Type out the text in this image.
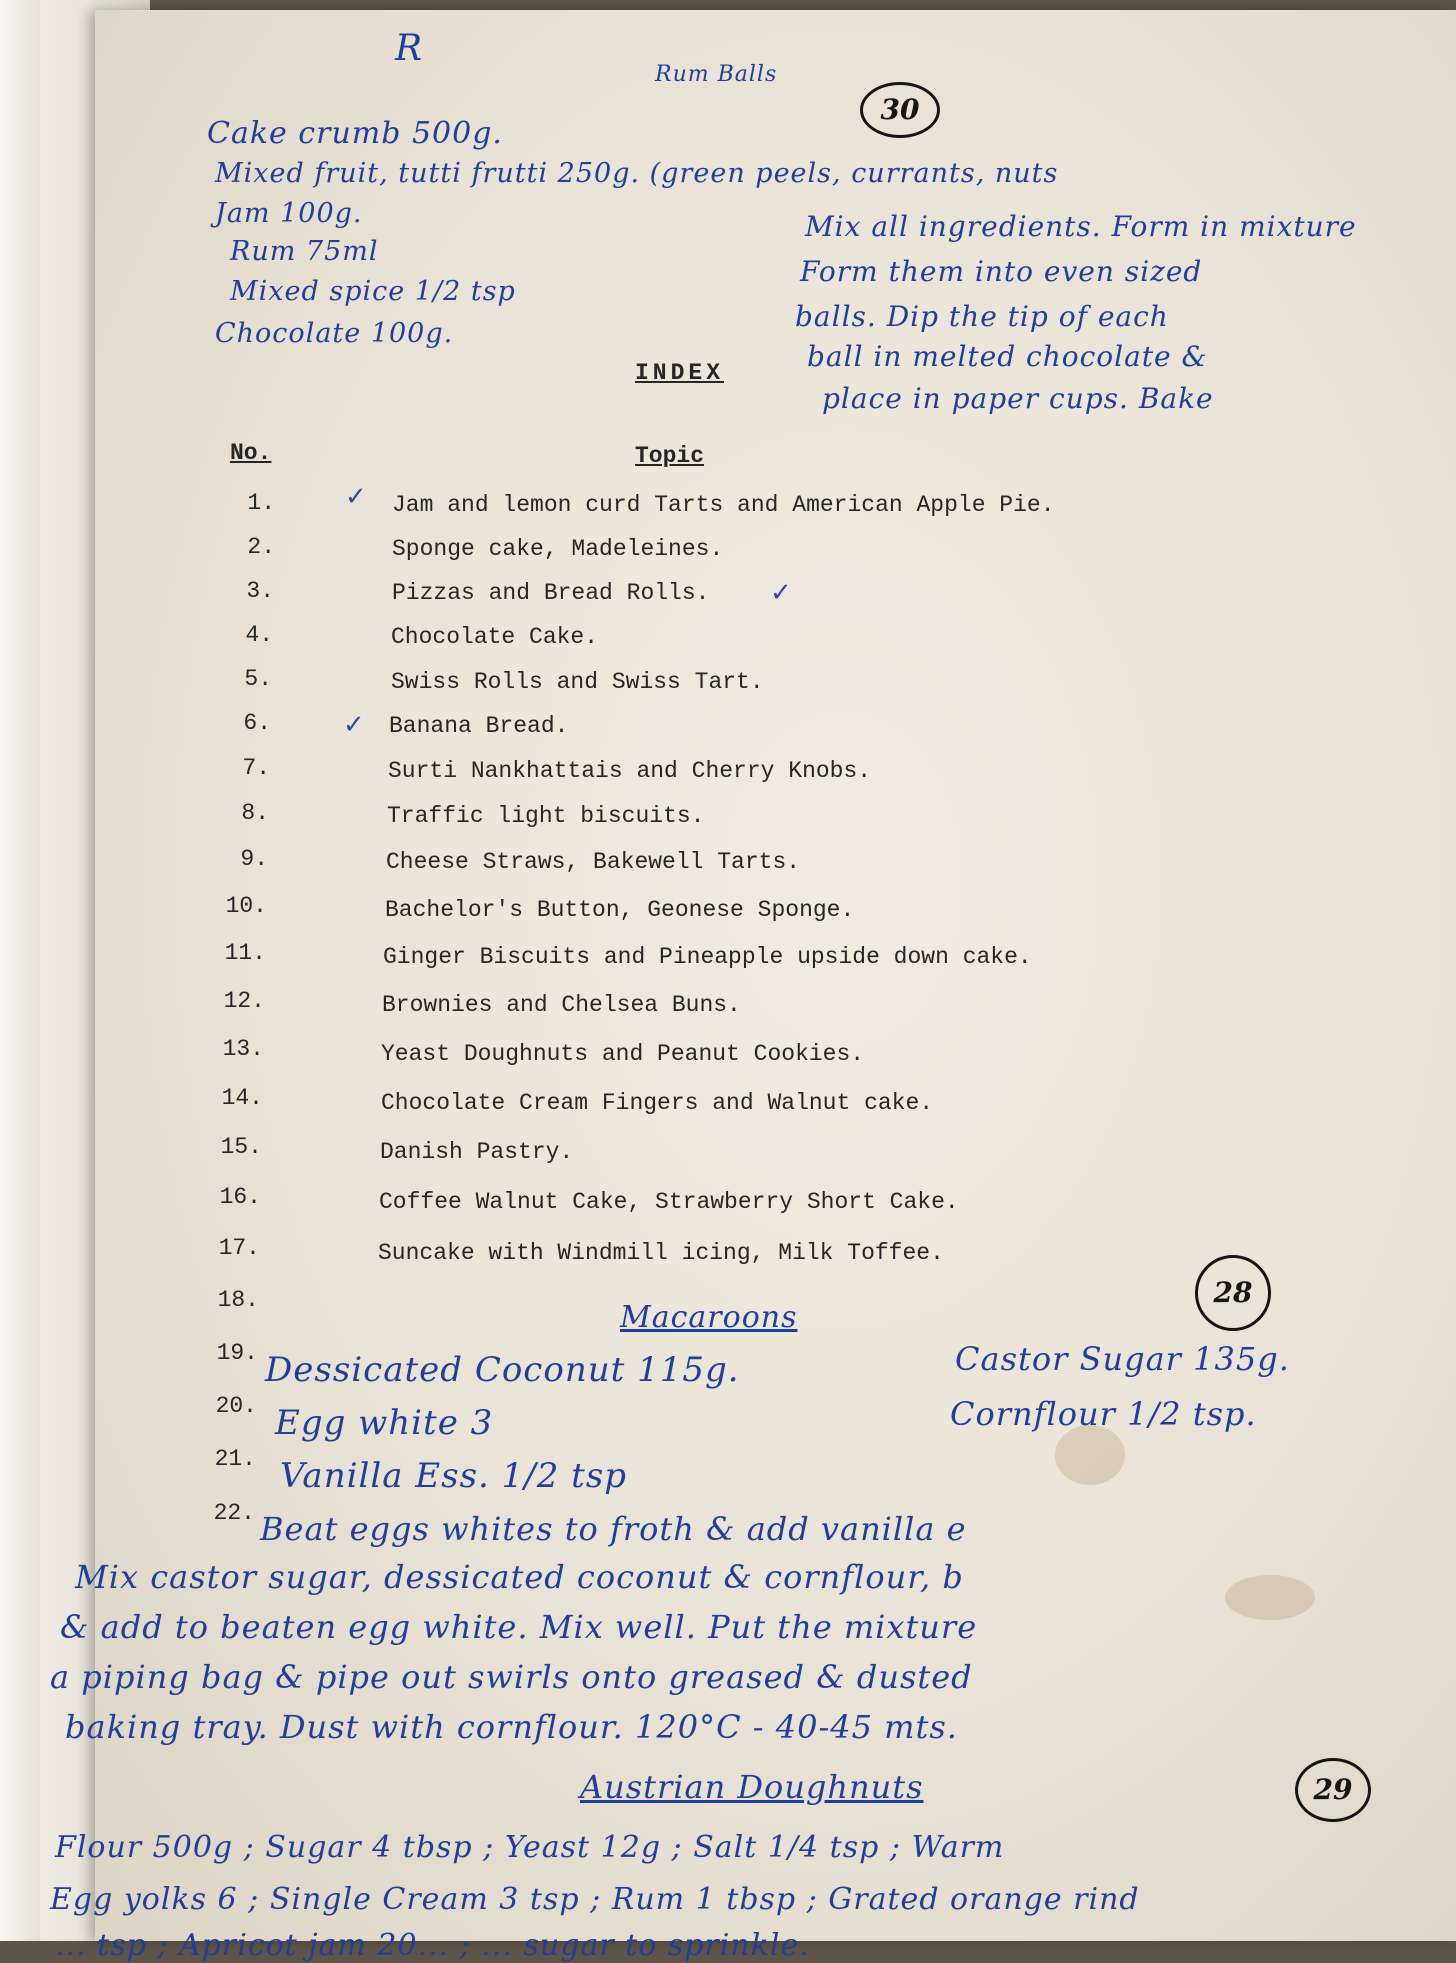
R
Rum Balls
30
Cake crumb 500g.
Mixed fruit, tutti frutti 250g. (green peels, currants, nuts
Jam 100g.
Rum 75ml
Mixed spice 1/2 tsp
Chocolate 100g.
Mix all ingredients. Form in mixture
Form them into even sized
balls. Dip the tip of each
ball in melted chocolate &
place in paper cups. Bake
INDEX
No.	Topic
1.	Jam and lemon curd Tarts and American Apple Pie.
2.	Sponge cake, Madeleines.
3.	Pizzas and Bread Rolls.
4.	Chocolate Cake.
5.	Swiss Rolls and Swiss Tart.
6.	Banana Bread.
7.	Surti Nankhattais and Cherry Knobs.
8.	Traffic light biscuits.
9.	Cheese Straws, Bakewell Tarts.
10.	Bachelor's Button, Geonese Sponge.
11.	Ginger Biscuits and Pineapple upside down cake.
12.	Brownies and Chelsea Buns.
13.	Yeast Doughnuts and Peanut Cookies.
14.	Chocolate Cream Fingers and Walnut cake.
15.	Danish Pastry.
16.	Coffee Walnut Cake, Strawberry Short Cake.
17.	Suncake with Windmill icing, Milk Toffee.
18.
19.
20.
21.
22.
✓
✓
✓
28
29
Macaroons
Dessicated Coconut 115g.
Egg white 3
Vanilla Ess. 1/2 tsp
Castor Sugar 135g.
Cornflour 1/2 tsp.
Beat eggs whites to froth & add vanilla e
Mix castor sugar, dessicated coconut & cornflour, b
& add to beaten egg white. Mix well. Put the mixture
a piping bag & pipe out swirls onto greased & dusted
baking tray. Dust with cornflour. 120°C - 40-45 mts.
Austrian Doughnuts
Flour 500g ; Sugar 4 tbsp ; Yeast 12g ; Salt 1/4 tsp ; Warm
Egg yolks 6 ; Single Cream 3 tsp ; Rum 1 tbsp ; Grated orange rind
... tsp ; Apricot jam 20... ; ... sugar to sprinkle.
